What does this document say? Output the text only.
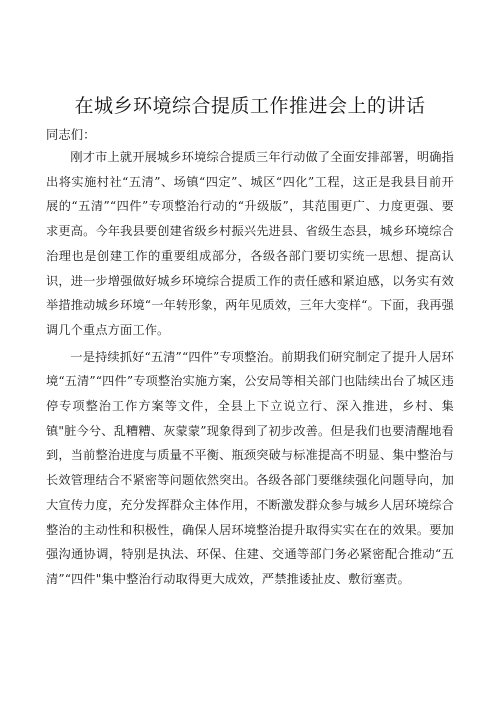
在城乡环境综合提质工作推进会上的讲话

同志们：

刚才市上就开展城乡环境综合提质三年行动做了全面安排部署，明确指出将实施村社“五清”、场镇“四定”、城区“四化”工程，这正是我县目前开展的“五清”“四件”专项整治行动的“升级版”，其范围更广、力度更强、要求更高。今年我县要创建省级乡村振兴先进县、省级生态县，城乡环境综合治理也是创建工作的重要组成部分，各级各部门要切实统一思想、提高认识，进一步增强做好城乡环境综合提质工作的责任感和紧迫感，以务实有效举措推动城乡环境“一年转形象，两年见质效，三年大变样“。下面，我再强调几个重点方面工作。

一是持续抓好“五清”“四件”专项整治。前期我们研究制定了提升人居环境“五清”“四件”专项整治实施方案，公安局等相关部门也陆续出台了城区违停专项整治工作方案等文件，全县上下立说立行、深入推进，乡村、集镇"脏今兮、乱糟糟、灰蒙蒙”现象得到了初步改善。但是我们也要清醒地看到，当前整治进度与质量不平衡、瓶颈突破与标准提高不明显、集中整治与长效管理结合不紧密等问题依然突出。各级各部门要继续强化问题导向，加大宣传力度，充分发挥群众主体作用，不断激发群众参与城乡人居环境综合整治的主动性和积极性，确保人居环境整治提升取得实实在在的效果。要加强沟通协调，特别是执法、环保、住建、交通等部门务必紧密配合推动“五清”“四件"集中整治行动取得更大成效，严禁推诿扯皮、敷衍塞责。
